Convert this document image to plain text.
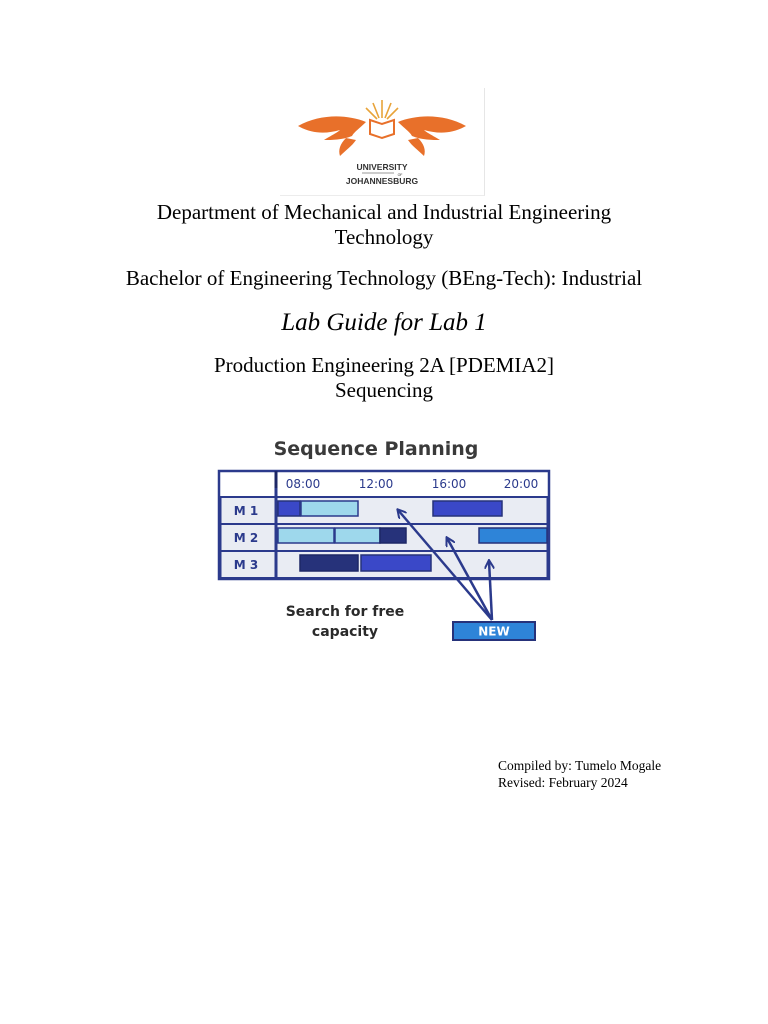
UNIVERSITY
OF
JOHANNESBURG
Department of Mechanical and Industrial Engineering
Technology
Bachelor of Engineering Technology (BEng-Tech): Industrial
Lab Guide for Lab 1
Production Engineering 2A [PDEMIA2]
Sequencing
Sequence Planning
08:00	12:00	16:00	20:00
M 1
M 2
M 3
NEW
Search for free
capacity
Compiled by: Tumelo Mogale
Revised: February 2024
